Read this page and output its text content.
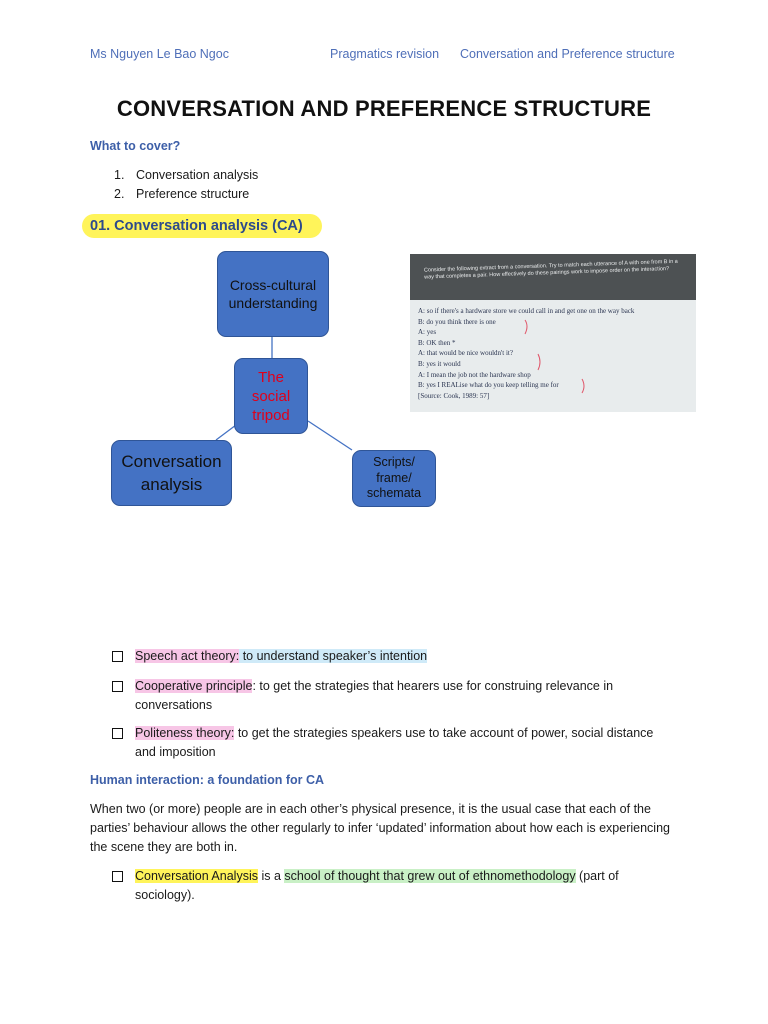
Ms Nguyen Le Bao Ngoc	Pragmatics revision Conversation and Preference structure
CONVERSATION AND PREFERENCE STRUCTURE
What to cover?
1. Conversation analysis
2. Preference structure
01. Conversation analysis (CA)
Cross-cultural understanding
The social tripod
Conversation analysis
Scripts/ frame/ schemata
Consider the following extract from a conversation. Try to match each utterance of A with one from B in a way that completes a pair. How effectively do these pairings work to impose order on the interaction?
A: so if there's a hardware store we could call in and get one on the way back
B: do you think there is one
A: yes
B: OK then *
A: that would be nice wouldn't it?
B: yes it would
A: I mean the job not the hardware shop
B: yes I REALise what do you keep telling me for
[Source: Cook, 1989: 57]
Speech act theory: to understand speaker’s intention
Cooperative principle: to get the strategies that hearers use for construing relevance in conversations
Politeness theory: to get the strategies speakers use to take account of power, social distance and imposition
Human interaction: a foundation for CA
When two (or more) people are in each other’s physical presence, it is the usual case that each of the parties’ behaviour allows the other regularly to infer ‘updated’ information about how each is experiencing the scene they are both in.
Conversation Analysis is a school of thought that grew out of ethnomethodology (part of sociology).
